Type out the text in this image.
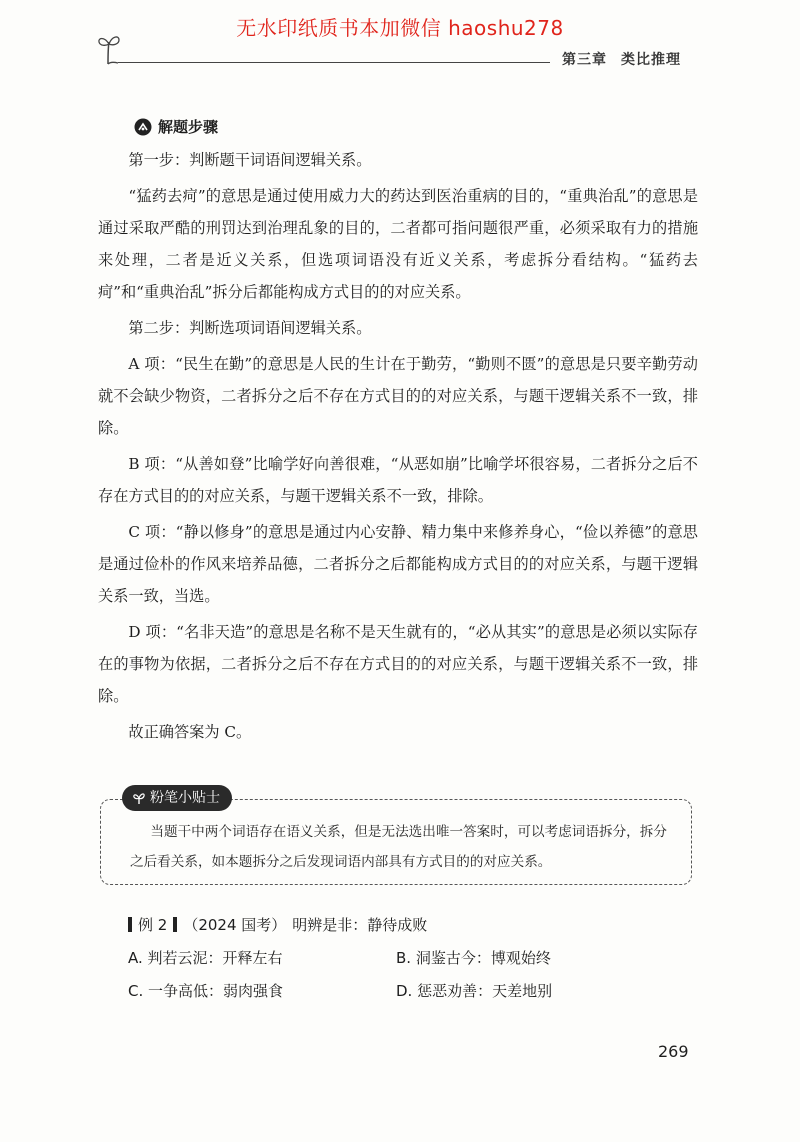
无水印纸质书本加微信 haoshu278
第三章 类比推理
解题步骤

第一步：判断题干词语间逻辑关系。

“猛药去疴”的意思是通过使用威力大的药达到医治重病的目的，“重典治乱”的意思是通过采取严酷的刑罚达到治理乱象的目的，二者都可指问题很严重，必须采取有力的措施来处理，二者是近义关系，但选项词语没有近义关系，考虑拆分看结构。“猛药去疴”和“重典治乱”拆分后都能构成方式目的的对应关系。

第二步：判断选项词语间逻辑关系。

A 项：“民生在勤”的意思是人民的生计在于勤劳，“勤则不匮”的意思是只要辛勤劳动就不会缺少物资，二者拆分之后不存在方式目的的对应关系，与题干逻辑关系不一致，排除。

B 项：“从善如登”比喻学好向善很难，“从恶如崩”比喻学坏很容易，二者拆分之后不存在方式目的的对应关系，与题干逻辑关系不一致，排除。

C 项：“静以修身”的意思是通过内心安静、精力集中来修养身心，“俭以养德”的意思是通过俭朴的作风来培养品德，二者拆分之后都能构成方式目的的对应关系，与题干逻辑关系一致，当选。

D 项：“名非天造”的意思是名称不是天生就有的，“必从其实”的意思是必须以实际存在的事物为依据，二者拆分之后不存在方式目的的对应关系，与题干逻辑关系不一致，排除。

故正确答案为 C。

粉笔小贴士
当题干中两个词语存在语义关系，但是无法选出唯一答案时，可以考虑词语拆分，拆分之后看关系，如本题拆分之后发现词语内部具有方式目的的对应关系。
例 2 （2024 国考） 明辨是非：静待成败
A. 判若云泥：开释左右	B. 洞鉴古今：博观始终
C. 一争高低：弱肉强食	D. 惩恶劝善：天差地别
269
